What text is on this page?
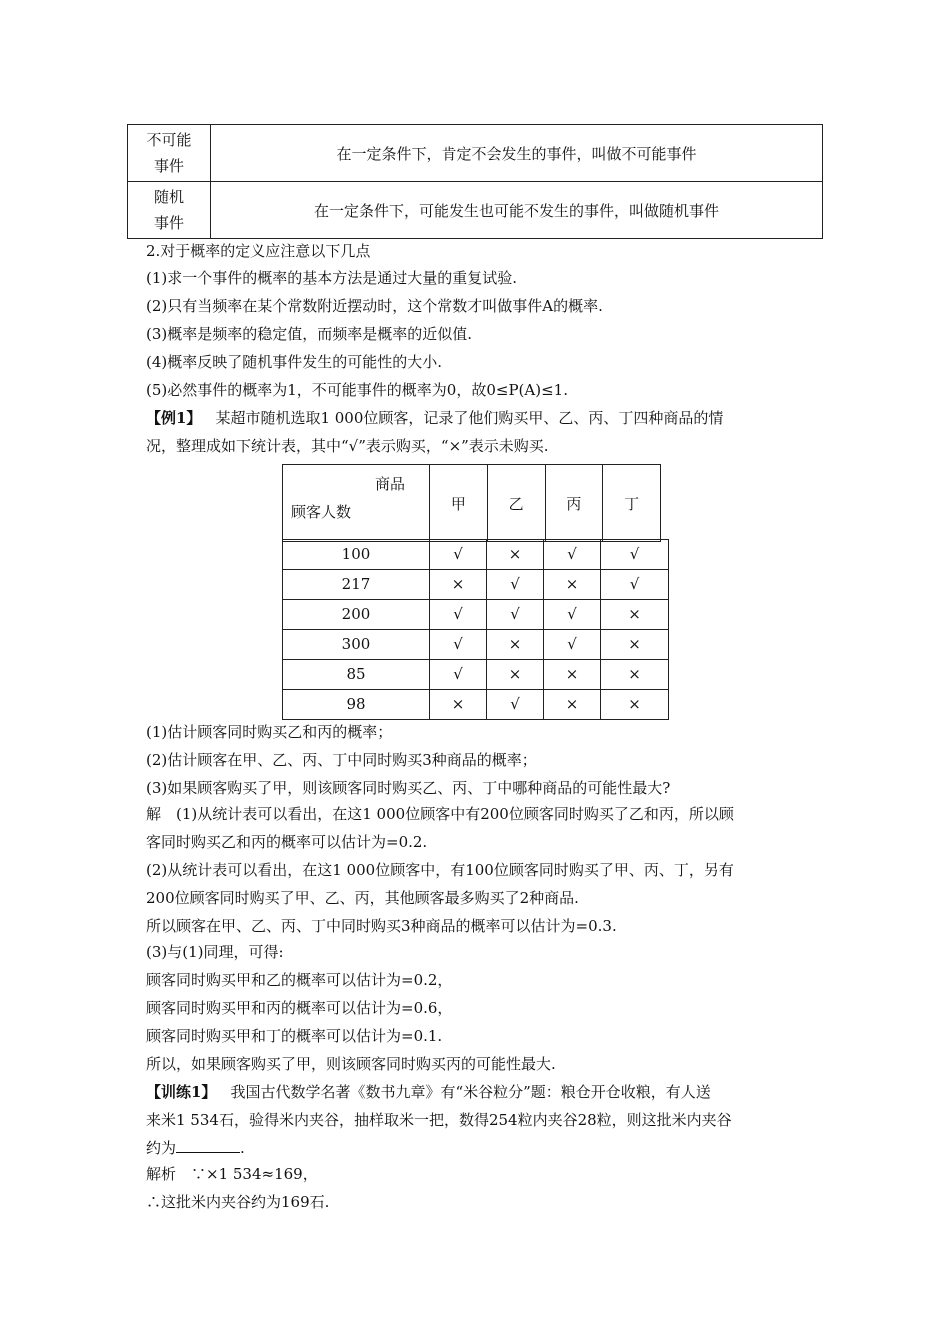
不可能
事件	在一定条件下，肯定不会发生的事件，叫做不可能事件

随机
事件	在一定条件下，可能发生也可能不发生的事件，叫做随机事件
2.对于概率的定义应注意以下几点
(1)求一个事件的概率的基本方法是通过大量的重复试验.
(2)只有当频率在某个常数附近摆动时，这个常数才叫做事件A的概率.
(3)概率是频率的稳定值，而频率是概率的近似值.
(4)概率反映了随机事件发生的可能性的大小.
(5)必然事件的概率为1，不可能事件的概率为0，故0≤P(A)≤1.
【例1】 某超市随机选取1 000位顾客，记录了他们购买甲、乙、丙、丁四种商品的情
况，整理成如下统计表，其中“√”表示购买，“×”表示未购买.
商品
顾客人数	甲	乙	丙	丁
100	√	×	√	√
217	×	√	×	√
200	√	√	√	×
300	√	×	√	×
85	√	×	×	×
98	×	√	×	×
(1)估计顾客同时购买乙和丙的概率；
(2)估计顾客在甲、乙、丙、丁中同时购买3种商品的概率；
(3)如果顾客购买了甲，则该顾客同时购买乙、丙、丁中哪种商品的可能性最大?
解　(1)从统计表可以看出，在这1 000位顾客中有200位顾客同时购买了乙和丙，所以顾
客同时购买乙和丙的概率可以估计为=0.2.
(2)从统计表可以看出，在这1 000位顾客中，有100位顾客同时购买了甲、丙、丁，另有
200位顾客同时购买了甲、乙、丙，其他顾客最多购买了2种商品.
所以顾客在甲、乙、丙、丁中同时购买3种商品的概率可以估计为=0.3.
(3)与(1)同理，可得:
顾客同时购买甲和乙的概率可以估计为=0.2，
顾客同时购买甲和丙的概率可以估计为=0.6，
顾客同时购买甲和丁的概率可以估计为=0.1.
所以，如果顾客购买了甲，则该顾客同时购买丙的可能性最大.
【训练1】 我国古代数学名著《数书九章》有“米谷粒分”题：粮仓开仓收粮，有人送
来米1 534石，验得米内夹谷，抽样取米一把，数得254粒内夹谷28粒，则这批米内夹谷
约为	.
解析　∵×1 534≈169，
∴这批米内夹谷约为169石.
